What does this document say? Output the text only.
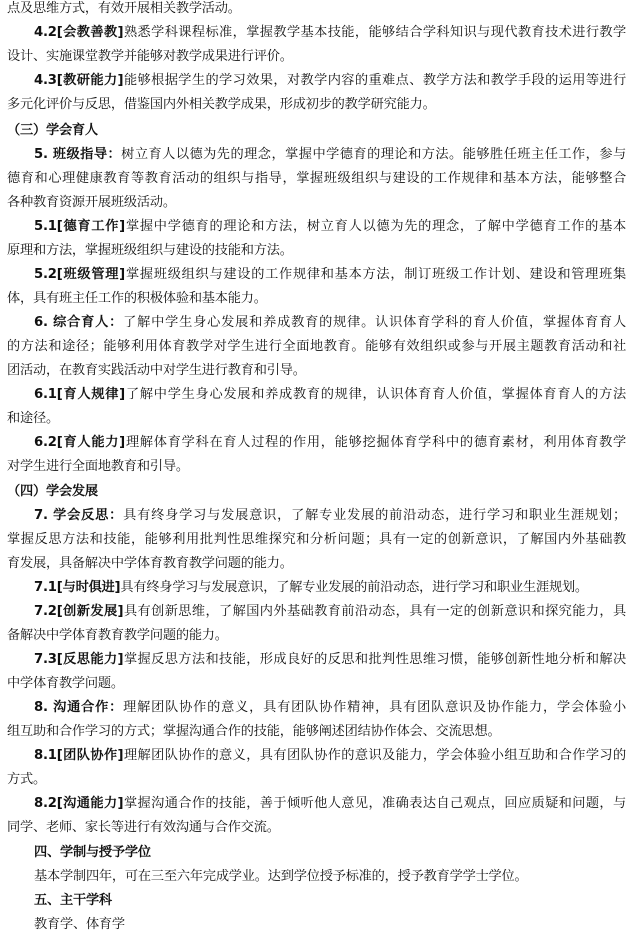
点及思维方式，有效开展相关教学活动。
4.2[会教善教]熟悉学科课程标准，掌握教学基本技能，能够结合学科知识与现代教育技术进行教学
设计、实施课堂教学并能够对教学成果进行评价。
4.3[教研能力]能够根据学生的学习效果，对教学内容的重难点、教学方法和教学手段的运用等进行
多元化评价与反思，借鉴国内外相关教学成果，形成初步的教学研究能力。
（三）学会育人
5. 班级指导：树立育人以德为先的理念，掌握中学德育的理论和方法。能够胜任班主任工作，参与
德育和心理健康教育等教育活动的组织与指导，掌握班级组织与建设的工作规律和基本方法，能够整合
各种教育资源开展班级活动。
5.1[德育工作]掌握中学德育的理论和方法，树立育人以德为先的理念，了解中学德育工作的基本
原理和方法，掌握班级组织与建设的技能和方法。
5.2[班级管理]掌握班级组织与建设的工作规律和基本方法，制订班级工作计划、建设和管理班集
体，具有班主任工作的积极体验和基本能力。
6. 综合育人：了解中学生身心发展和养成教育的规律。认识体育学科的育人价值，掌握体育育人
的方法和途径；能够利用体育教学对学生进行全面地教育。能够有效组织或参与开展主题教育活动和社
团活动，在教育实践活动中对学生进行教育和引导。
6.1[育人规律]了解中学生身心发展和养成教育的规律，认识体育育人价值，掌握体育育人的方法
和途径。
6.2[育人能力]理解体育学科在育人过程的作用，能够挖掘体育学科中的德育素材，利用体育教学
对学生进行全面地教育和引导。
（四）学会发展
7. 学会反思：具有终身学习与发展意识，了解专业发展的前沿动态，进行学习和职业生涯规划；
掌握反思方法和技能，能够利用批判性思维探究和分析问题；具有一定的创新意识，了解国内外基础教
育发展，具备解决中学体育教育教学问题的能力。
7.1[与时俱进]具有终身学习与发展意识，了解专业发展的前沿动态，进行学习和职业生涯规划。
7.2[创新发展]具有创新思维，了解国内外基础教育前沿动态，具有一定的创新意识和探究能力，具
备解决中学体育教育教学问题的能力。
7.3[反思能力]掌握反思方法和技能，形成良好的反思和批判性思维习惯，能够创新性地分析和解决
中学体育教学问题。
8. 沟通合作：理解团队协作的意义，具有团队协作精神，具有团队意识及协作能力，学会体验小
组互助和合作学习的方式；掌握沟通合作的技能，能够阐述团结协作体会、交流思想。
8.1[团队协作]理解团队协作的意义，具有团队协作的意识及能力，学会体验小组互助和合作学习的
方式。
8.2[沟通能力]掌握沟通合作的技能，善于倾听他人意见，准确表达自己观点，回应质疑和问题，与
同学、老师、家长等进行有效沟通与合作交流。
四、学制与授予学位
基本学制四年，可在三至六年完成学业。达到学位授予标准的，授予教育学学士学位。
五、主干学科
教育学、体育学
